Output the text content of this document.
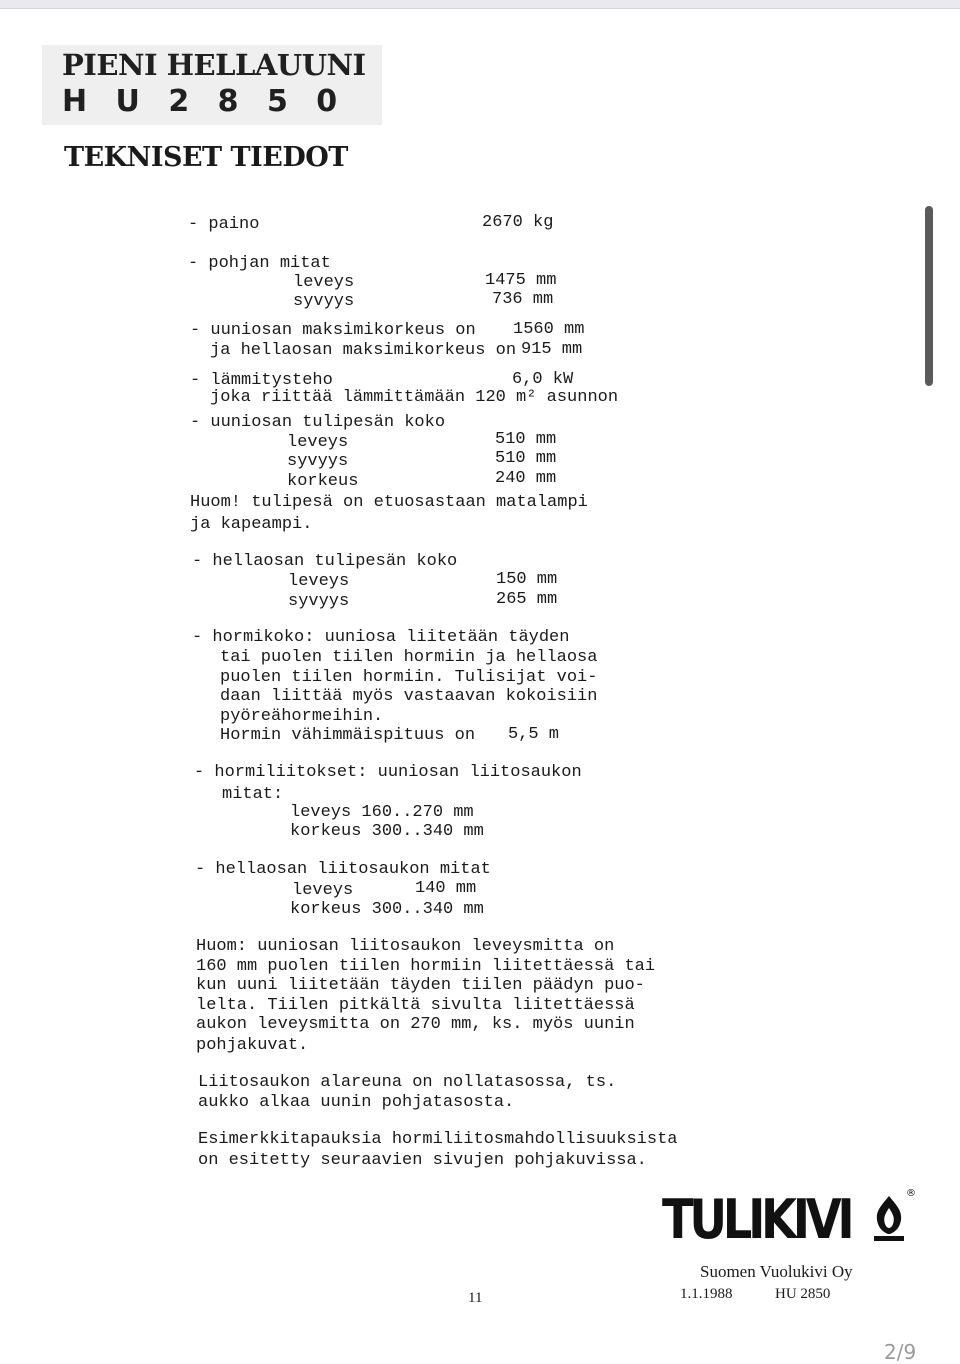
PIENI HELLAUUNI
H U 2 8 5 0
TEKNISET TIEDOT
- paino	2670 kg
- pohjan mitat
leveys	1475 mm
syvyys	736 mm
- uuniosan maksimikorkeus on 1560 mm
ja hellaosan maksimikorkeus on 915 mm
- lämmitysteho	6,0 kW
joka riittää lämmittämään 120 m² asunnon
- uuniosan tulipesän koko
leveys	510 mm
syvyys	510 mm
korkeus	240 mm
Huom! tulipesä on etuosastaan matalampi
ja kapeampi.
- hellaosan tulipesän koko
leveys	150 mm
syvyys	265 mm
- hormikoko: uuniosa liitetään täyden
tai puolen tiilen hormiin ja hellaosa
puolen tiilen hormiin. Tulisijat voi-
daan liittää myös vastaavan kokoisiin
pyöreähormeihin.
Hormin vähimmäispituus on 5,5 m
- hormiliitokset: uuniosan liitosaukon
mitat:
leveys 160..270 mm
korkeus 300..340 mm
- hellaosan liitosaukon mitat
leveys	140 mm
korkeus 300..340 mm
Huom: uuniosan liitosaukon leveysmitta on
160 mm puolen tiilen hormiin liitettäessä tai
kun uuni liitetään täyden tiilen päädyn puo-
lelta. Tiilen pitkältä sivulta liitettäessä
aukon leveysmitta on 270 mm, ks. myös uunin
pohjakuvat.
Liitosaukon alareuna on nollatasossa, ts.
aukko alkaa uunin pohjatasosta.
Esimerkkitapauksia hormiliitosmahdollisuuksista
on esitetty seuraavien sivujen pohjakuvissa.
TULIKIVI	®
Suomen Vuolukivi Oy
11	1.1.1988	HU 2850
2/9
